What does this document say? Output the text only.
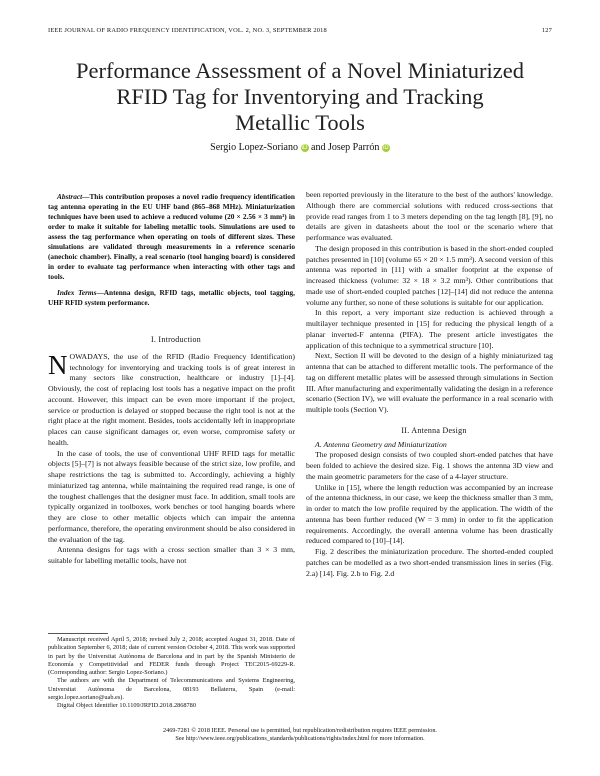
IEEE JOURNAL OF RADIO FREQUENCY IDENTIFICATION, VOL. 2, NO. 3, SEPTEMBER 2018	127
Performance Assessment of a Novel Miniaturized
RFID Tag for Inventorying and Tracking
Metallic Tools
Sergio Lopez-Soriano iD and Josep Parrón iD

Abstract—This contribution proposes a novel radio frequency identification tag antenna operating in the EU UHF band (865–868 MHz). Miniaturization techniques have been used to achieve a reduced volume (20 × 2.56 × 3 mm³) in order to make it suitable for labeling metallic tools. Simulations are used to assess the tag performance when operating on tools of different sizes. These simulations are validated through measurements in a reference scenario (anechoic chamber). Finally, a real scenario (tool hanging board) is considered in order to evaluate tag performance when interacting with other tags and tools.

Index Terms—Antenna design, RFID tags, metallic objects, tool tagging, UHF RFID system performance.

I. Introduction

NOWADAYS, the use of the RFID (Radio Frequency Identification) technology for inventorying and tracking tools is of great interest in many sectors like construction, healthcare or industry [1]–[4]. Obviously, the cost of replacing lost tools has a negative impact on the profit account. However, this impact can be even more important if the project, service or production is delayed or stopped because the right tool is not at the right place at the right moment. Besides, tools accidentally left in inappropriate places can cause significant damages or, even worse, compromise safety or health.

In the case of tools, the use of conventional UHF RFID tags for metallic objects [5]–[7] is not always feasible because of the strict size, low profile, and shape restrictions the tag is submitted to. Accordingly, achieving a highly miniaturized tag antenna, while maintaining the required read range, is one of the toughest challenges that the designer must face. In addition, small tools are typically organized in toolboxes, work benches or tool hanging boards where they are close to other metallic objects which can impair the antenna performance, therefore, the operating environment should be also considered in the evaluation of the tag.

Antenna designs for tags with a cross section smaller than 3 × 3 mm, suitable for labelling metallic tools, have not

Manuscript received April 5, 2018; revised July 2, 2018; accepted August 31, 2018. Date of publication September 6, 2018; date of current version October 4, 2018. This work was supported in part by the Universitat Autònoma de Barcelona and in part by the Spanish Ministerio de Economía y Competitividad and FEDER funds through Project TEC2015-69229-R. (Corresponding author: Sergio Lopez-Soriano.)

The authors are with the Department of Telecommunications and Systems Engineering, Universitat Autònoma de Barcelona, 08193 Bellaterra, Spain (e-mail: sergio.lopez.soriano@uab.es).

Digital Object Identifier 10.1109/JRFID.2018.2868780

been reported previously in the literature to the best of the authors' knowledge. Although there are commercial solutions with reduced cross-sections that provide read ranges from 1 to 3 meters depending on the tag length [8], [9], no details are given in datasheets about the tool or the scenario where that performance was evaluated.

The design proposed in this contribution is based in the short-ended coupled patches presented in [10] (volume 65 × 20 × 1.5 mm³). A second version of this antenna was reported in [11] with a smaller footprint at the expense of increased thickness (volume: 32 × 18 × 3.2 mm³). Other contributions that made use of short-ended coupled patches [12]–[14] did not reduce the antenna volume any further, so none of these solutions is suitable for our application.

In this report, a very important size reduction is achieved through a multilayer technique presented in [15] for reducing the physical length of a planar inverted-F antenna (PIFA). The present article investigates the application of this technique to a symmetrical structure [10].

Next, Section II will be devoted to the design of a highly miniaturized tag antenna that can be attached to different metallic tools. The performance of the tag on different metallic plates will be assessed through simulations in Section III. After manufacturing and experimentally validating the design in a reference scenario (Section IV), we will evaluate the performance in a real scenario with multiple tools (Section V).

II. Antenna Design

A. Antenna Geometry and Miniaturization

The proposed design consists of two coupled short-ended patches that have been folded to achieve the desired size. Fig. 1 shows the antenna 3D view and the main geometric parameters for the case of a 4-layer structure.

Unlike in [15], where the length reduction was accompanied by an increase of the antenna thickness, in our case, we keep the thickness smaller than 3 mm, in order to match the low profile required by the application. The width of the antenna has been further reduced (W = 3 mm) in order to fit the application requirements. Accordingly, the overall antenna volume has been drastically reduced compared to [10]–[14].

Fig. 2 describes the miniaturization procedure. The shorted-ended coupled patches can be modelled as a two short-ended transmission lines in series (Fig. 2.a) [14]. Fig. 2.b to Fig. 2.d

2469-7281 © 2018 IEEE. Personal use is permitted, but republication/redistribution requires IEEE permission.
See http://www.ieee.org/publications_standards/publications/rights/index.html for more information.
